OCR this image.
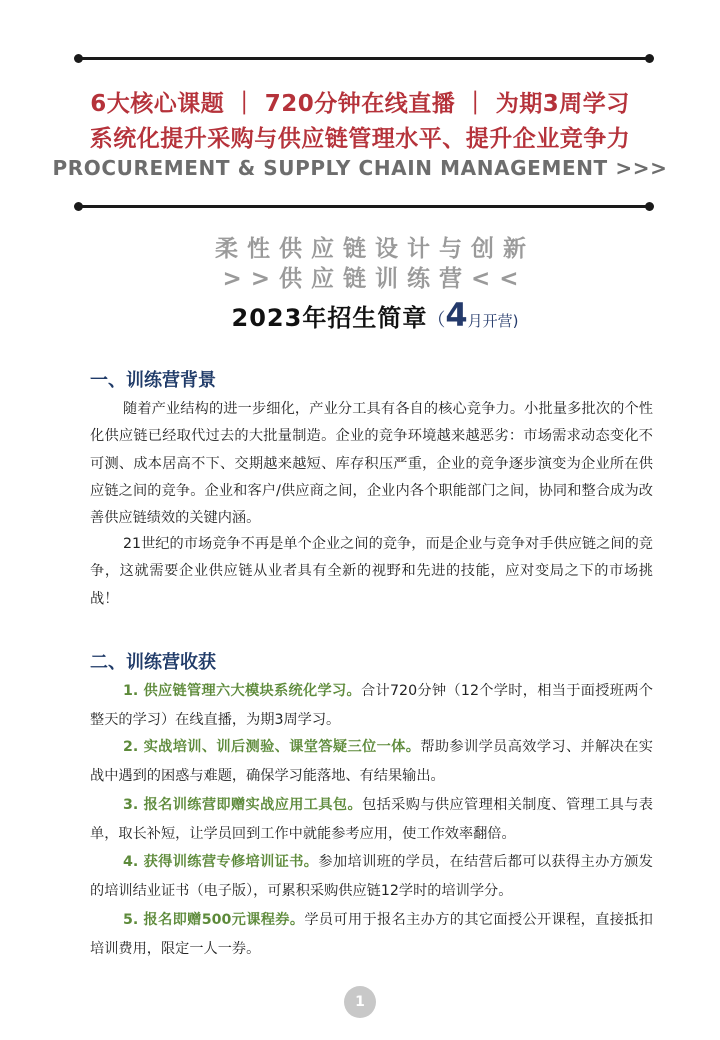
6大核心课题 ｜ 720分钟在线直播 ｜ 为期3周学习
系统化提升采购与供应链管理水平、提升企业竞争力
PROCUREMENT & SUPPLY CHAIN MANAGEMENT >>>
柔性供应链设计与创新
>>供应链训练营<<
2023年招生简章（4月开营)
一、训练营背景

随着产业结构的进一步细化，产业分工具有各自的核心竞争力。小批量多批次的个性化供应链已经取代过去的大批量制造。企业的竞争环境越来越恶劣：市场需求动态变化不可测、成本居高不下、交期越来越短、库存积压严重，企业的竞争逐步演变为企业所在供应链之间的竞争。企业和客户/供应商之间，企业内各个职能部门之间，协同和整合成为改善供应链绩效的关键内涵。

21世纪的市场竞争不再是单个企业之间的竞争，而是企业与竞争对手供应链之间的竞争，这就需要企业供应链从业者具有全新的视野和先进的技能，应对变局之下的市场挑战！

二、训练营收获

1. 供应链管理六大模块系统化学习。合计720分钟（12个学时，相当于面授班两个整天的学习）在线直播，为期3周学习。

2. 实战培训、训后测验、课堂答疑三位一体。帮助参训学员高效学习、并解决在实战中遇到的困惑与难题，确保学习能落地、有结果输出。

3. 报名训练营即赠实战应用工具包。包括采购与供应管理相关制度、管理工具与表单，取长补短，让学员回到工作中就能参考应用，使工作效率翻倍。

4. 获得训练营专修培训证书。参加培训班的学员，在结营后都可以获得主办方颁发的培训结业证书（电子版），可累积采购供应链12学时的培训学分。

5. 报名即赠500元课程券。学员可用于报名主办方的其它面授公开课程，直接抵扣培训费用，限定一人一券。

1
